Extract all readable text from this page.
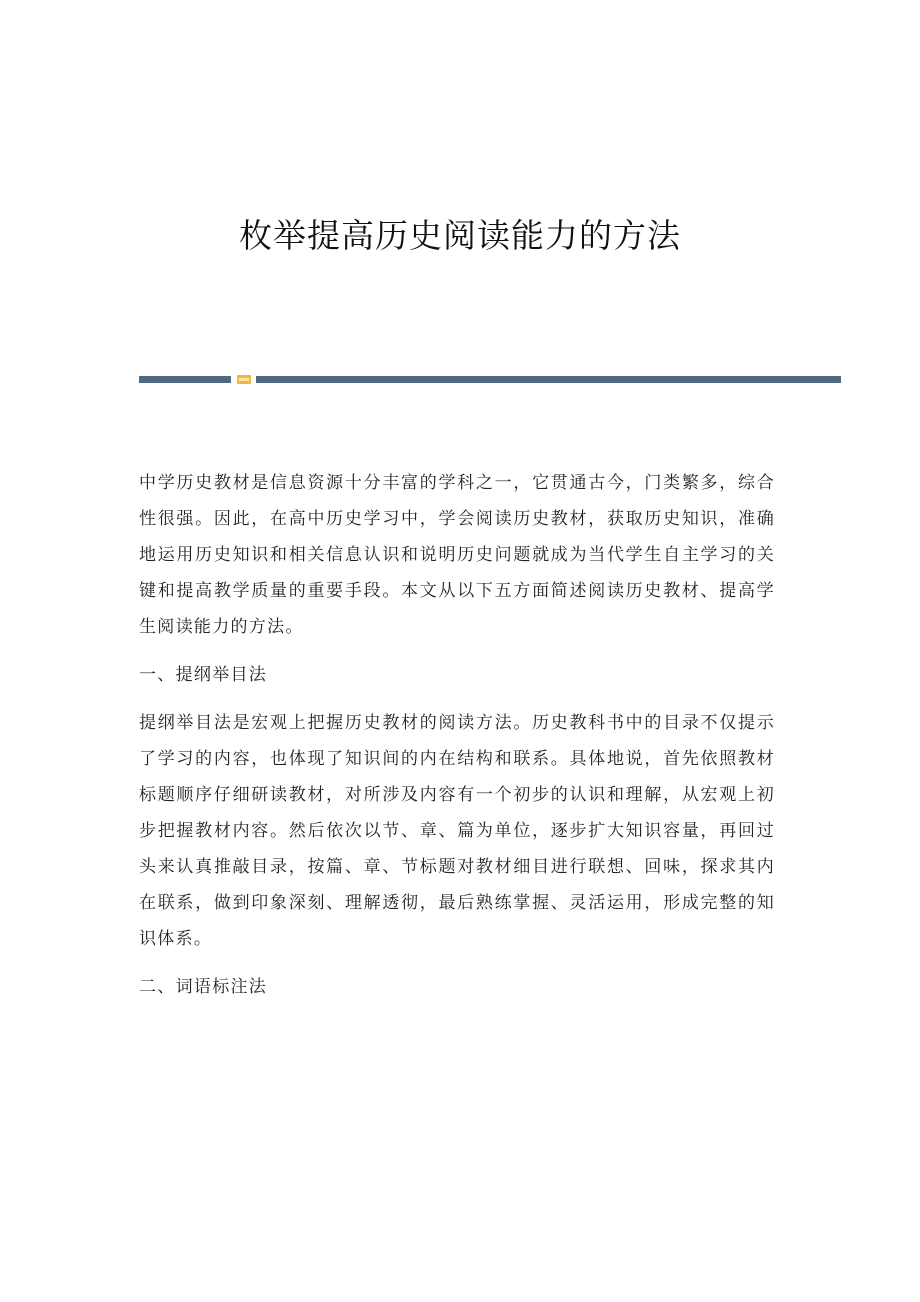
枚举提高历史阅读能力的方法

中学历史教材是信息资源十分丰富的学科之一，它贯通古今，门类繁多，综合性很强。因此，在高中历史学习中，学会阅读历史教材，获取历史知识，准确地运用历史知识和相关信息认识和说明历史问题就成为当代学生自主学习的关键和提高教学质量的重要手段。本文从以下五方面简述阅读历史教材、提高学生阅读能力的方法。

一、提纲举目法

提纲举目法是宏观上把握历史教材的阅读方法。历史教科书中的目录不仅提示了学习的内容，也体现了知识间的内在结构和联系。具体地说，首先依照教材标题顺序仔细研读教材，对所涉及内容有一个初步的认识和理解，从宏观上初步把握教材内容。然后依次以节、章、篇为单位，逐步扩大知识容量，再回过头来认真推敲目录，按篇、章、节标题对教材细目进行联想、回味，探求其内在联系，做到印象深刻、理解透彻，最后熟练掌握、灵活运用，形成完整的知识体系。

二、词语标注法
